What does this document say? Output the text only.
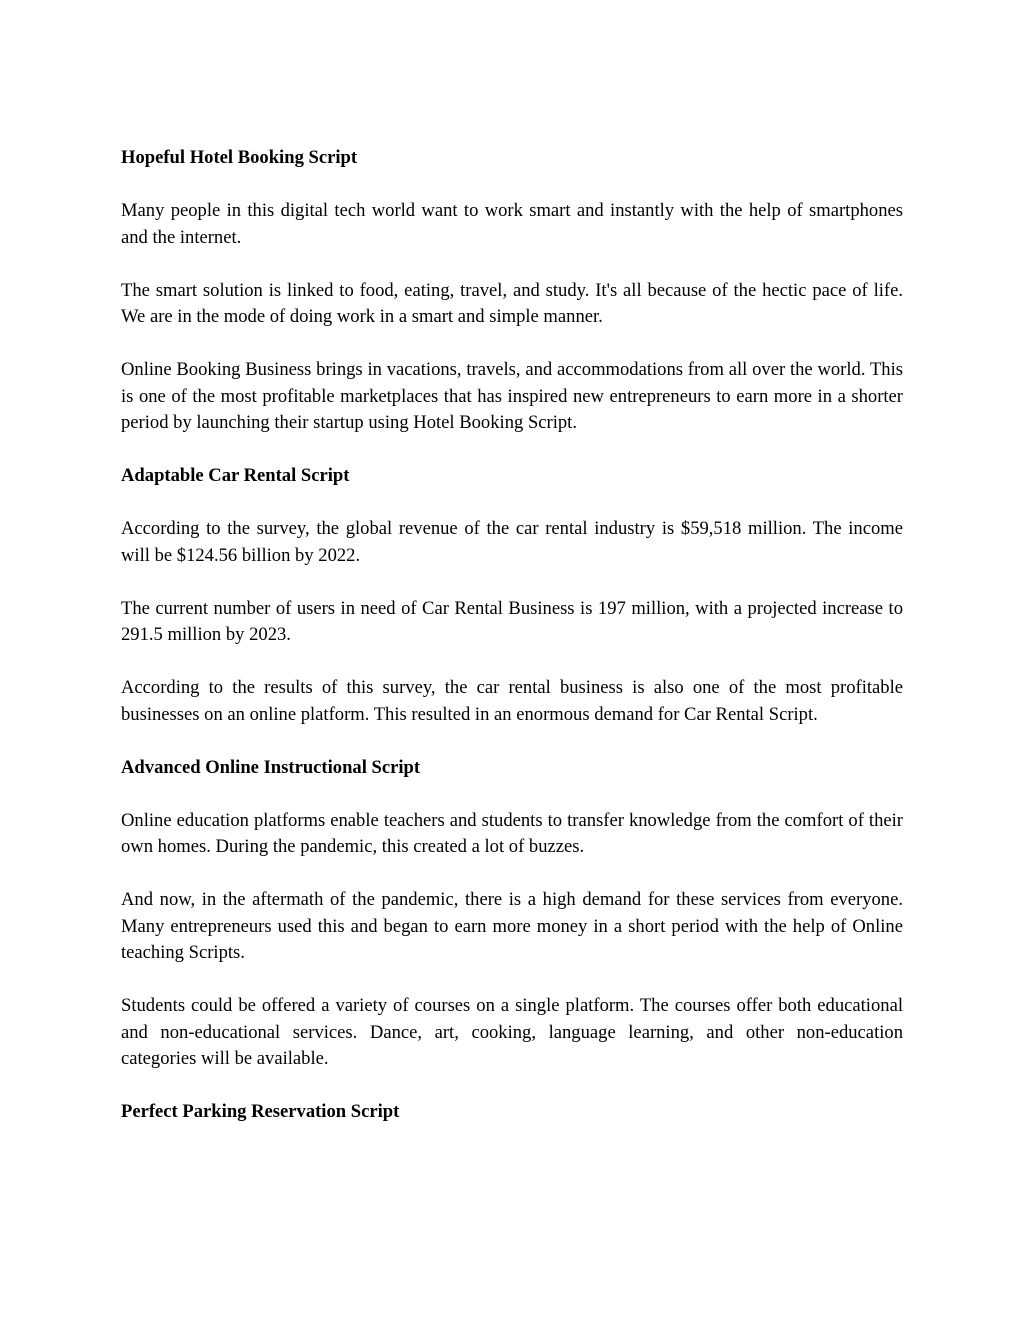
Hopeful Hotel Booking Script

Many people in this digital tech world want to work smart and instantly with the help of smartphones and the internet.

The smart solution is linked to food, eating, travel, and study. It's all because of the hectic pace of life. We are in the mode of doing work in a smart and simple manner.

Online Booking Business brings in vacations, travels, and accommodations from all over the world. This is one of the most profitable marketplaces that has inspired new entrepreneurs to earn more in a shorter period by launching their startup using Hotel Booking Script.

Adaptable Car Rental Script

According to the survey, the global revenue of the car rental industry is $59,518 million. The income will be $124.56 billion by 2022.

The current number of users in need of Car Rental Business is 197 million, with a projected increase to 291.5 million by 2023.

According to the results of this survey, the car rental business is also one of the most profitable businesses on an online platform. This resulted in an enormous demand for Car Rental Script.

Advanced Online Instructional Script

Online education platforms enable teachers and students to transfer knowledge from the comfort of their own homes. During the pandemic, this created a lot of buzzes.

And now, in the aftermath of the pandemic, there is a high demand for these services from everyone. Many entrepreneurs used this and began to earn more money in a short period with the help of Online teaching Scripts.

Students could be offered a variety of courses on a single platform. The courses offer both educational and non-educational services. Dance, art, cooking, language learning, and other non-education categories will be available.

Perfect Parking Reservation Script
